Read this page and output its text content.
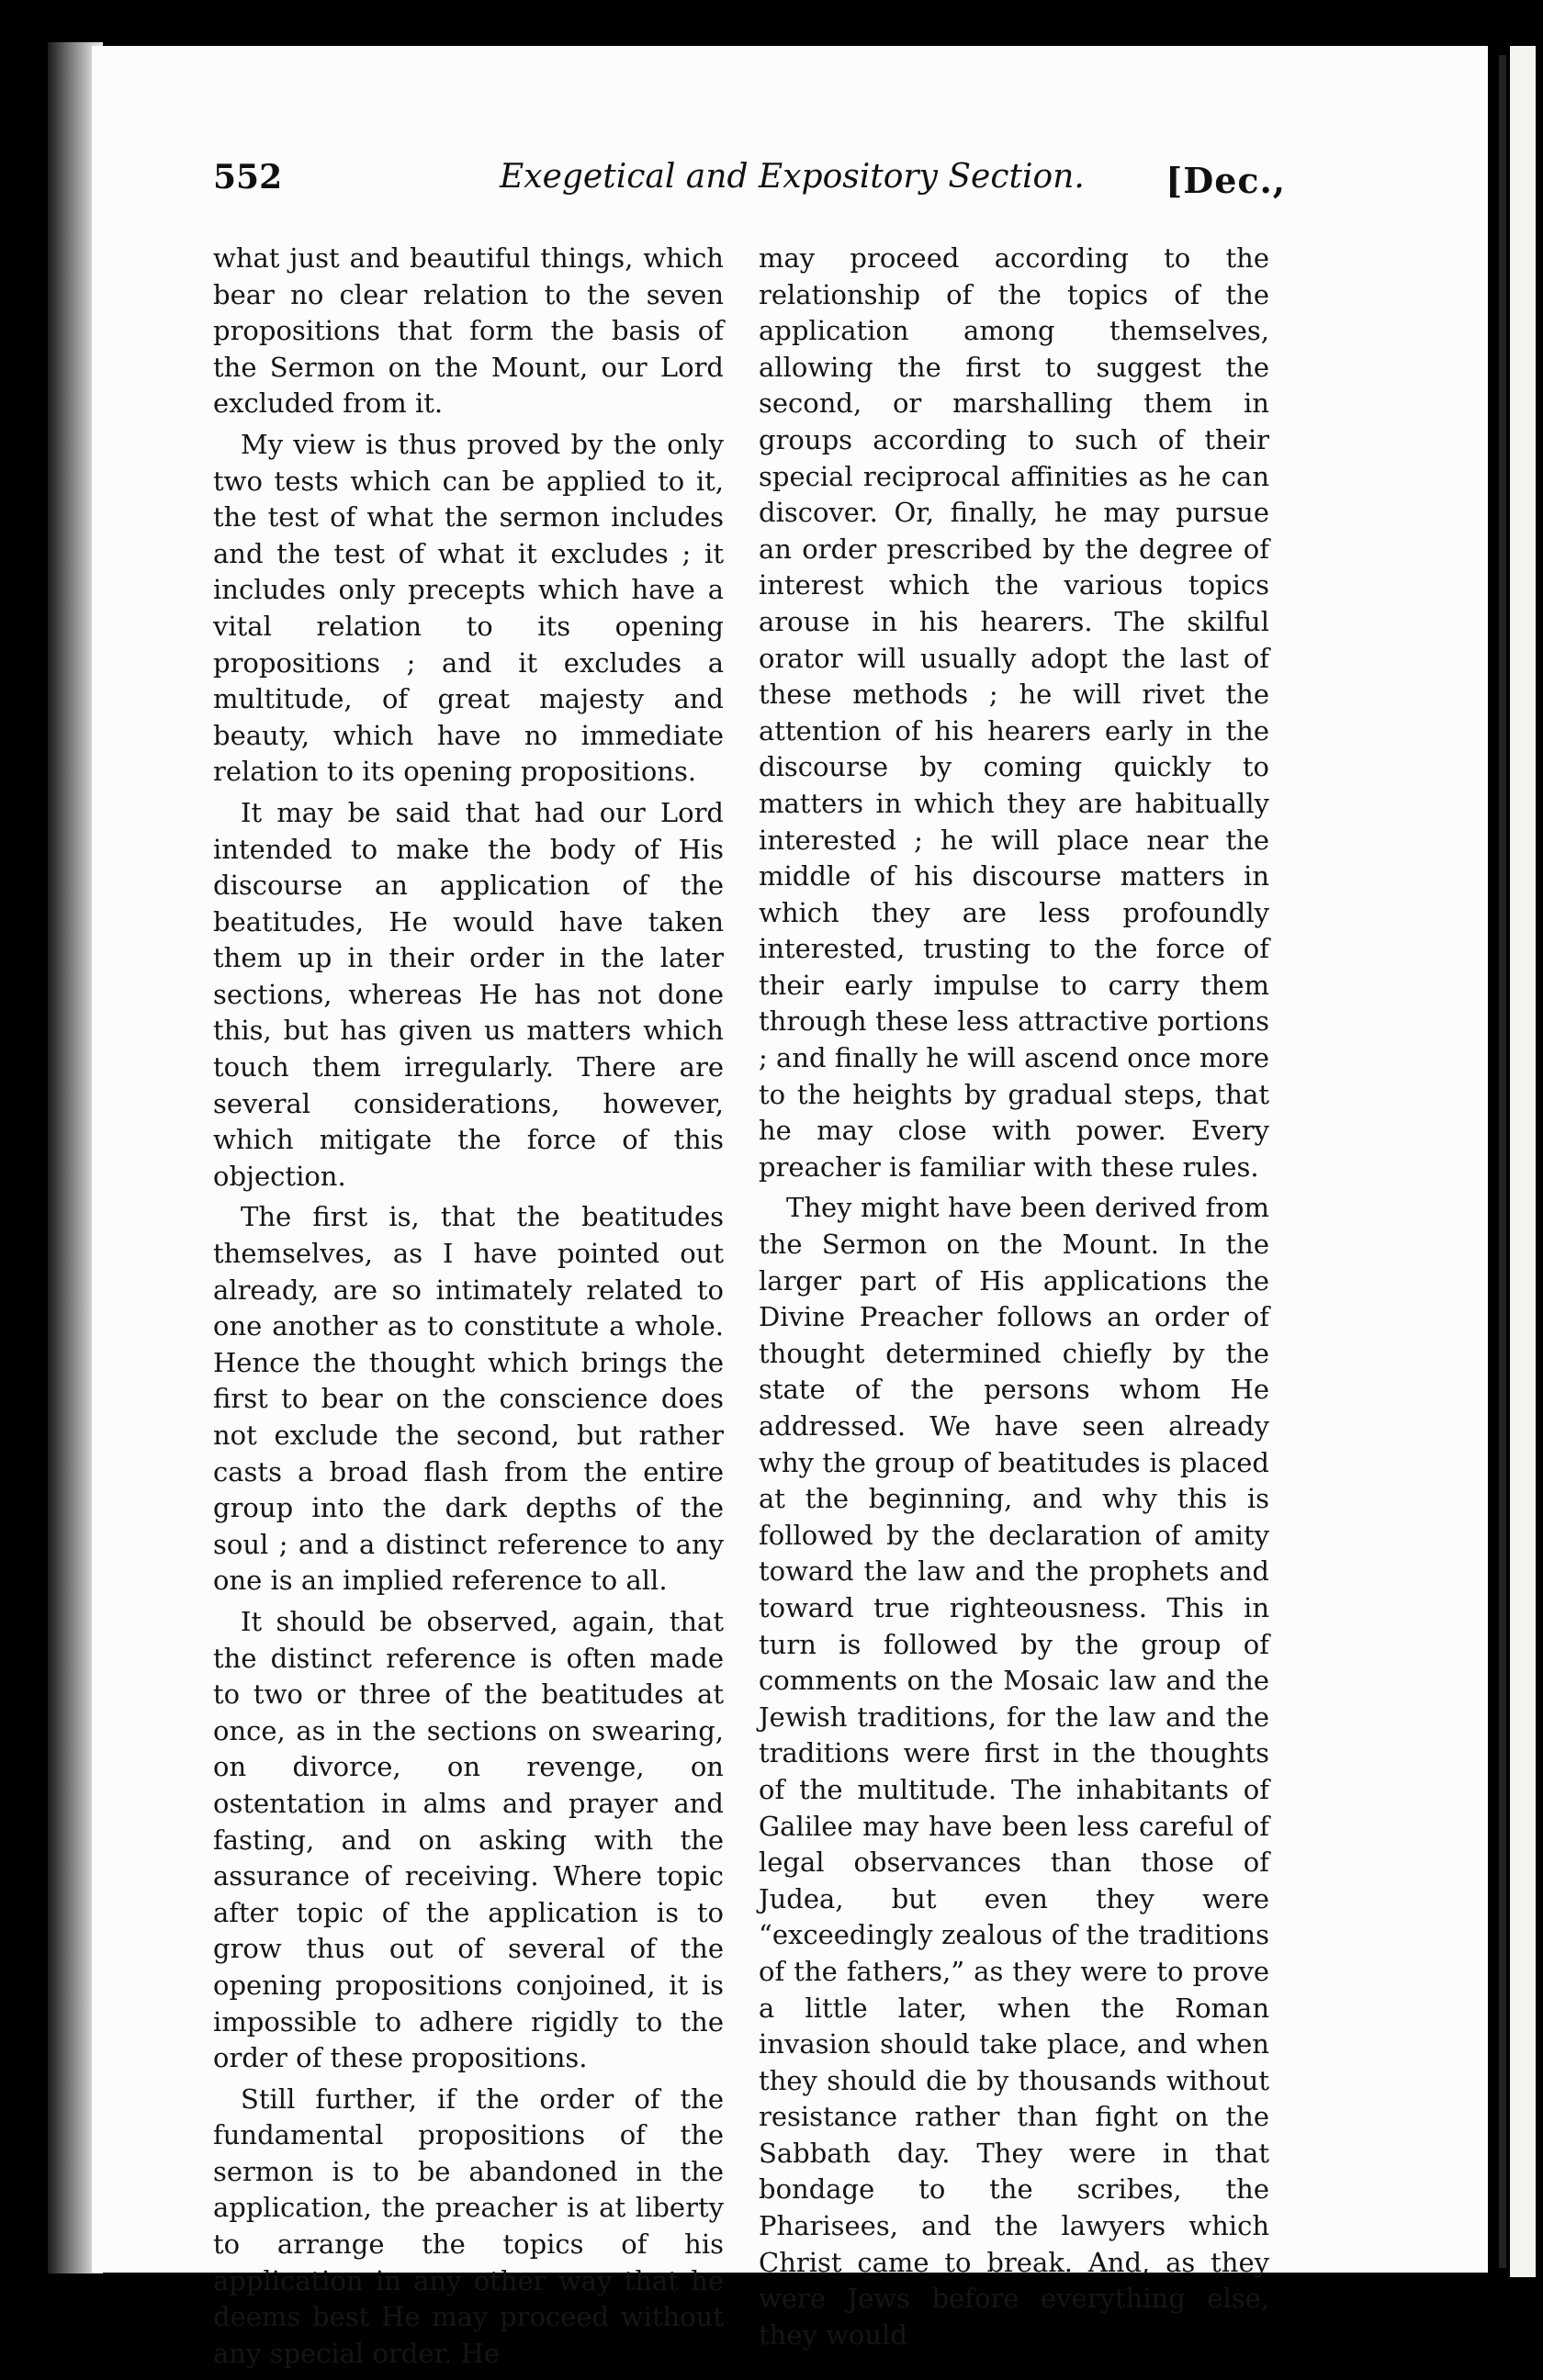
552	Exegetical and Expository Section. [Dec.,

what just and beautiful things, which bear no clear relation to the seven propositions that form the basis of the Sermon on the Mount, our Lord excluded from it.

My view is thus proved by the only two tests which can be applied to it, the test of what the sermon includes and the test of what it excludes ; it includes only precepts which have a vital relation to its opening propositions ; and it excludes a multitude, of great majesty and beauty, which have no immediate relation to its opening propositions.

It may be said that had our Lord intended to make the body of His discourse an application of the beatitudes, He would have taken them up in their order in the later sections, whereas He has not done this, but has given us matters which touch them irregularly. There are several considerations, however, which mitigate the force of this objection.

The first is, that the beatitudes themselves, as I have pointed out already, are so intimately related to one another as to constitute a whole. Hence the thought which brings the first to bear on the conscience does not exclude the second, but rather casts a broad flash from the entire group into the dark depths of the soul ; and a distinct reference to any one is an implied reference to all.

It should be observed, again, that the distinct reference is often made to two or three of the beatitudes at once, as in the sections on swearing, on divorce, on revenge, on ostentation in alms and prayer and fasting, and on asking with the assurance of receiving. Where topic after topic of the application is to grow thus out of several of the opening propositions conjoined, it is impossible to adhere rigidly to the order of these propositions.

Still further, if the order of the fundamental propositions of the sermon is to be abandoned in the application, the preacher is at liberty to arrange the topics of his application in any other way that he deems best He may proceed without any special order. He

may proceed according to the relationship of the topics of the application among themselves, allowing the first to suggest the second, or marshalling them in groups according to such of their special reciprocal affinities as he can discover. Or, finally, he may pursue an order prescribed by the degree of interest which the various topics arouse in his hearers. The skilful orator will usually adopt the last of these methods ; he will rivet the attention of his hearers early in the discourse by coming quickly to matters in which they are habitually interested ; he will place near the middle of his discourse matters in which they are less profoundly interested, trusting to the force of their early impulse to carry them through these less attractive portions ; and finally he will ascend once more to the heights by gradual steps, that he may close with power. Every preacher is familiar with these rules.

They might have been derived from the Sermon on the Mount. In the larger part of His applications the Divine Preacher follows an order of thought determined chiefly by the state of the persons whom He addressed. We have seen already why the group of beatitudes is placed at the beginning, and why this is followed by the declaration of amity toward the law and the prophets and toward true righteousness. This in turn is followed by the group of comments on the Mosaic law and the Jewish traditions, for the law and the traditions were first in the thoughts of the multitude. The inhabitants of Galilee may have been less careful of legal observances than those of Judea, but even they were “exceedingly zealous of the traditions of the fathers,” as they were to prove a little later, when the Roman invasion should take place, and when they should die by thousands without resistance rather than fight on the Sabbath day. They were in that bondage to the scribes, the Pharisees, and the lawyers which Christ came to break. And, as they were Jews before everything else, they would
